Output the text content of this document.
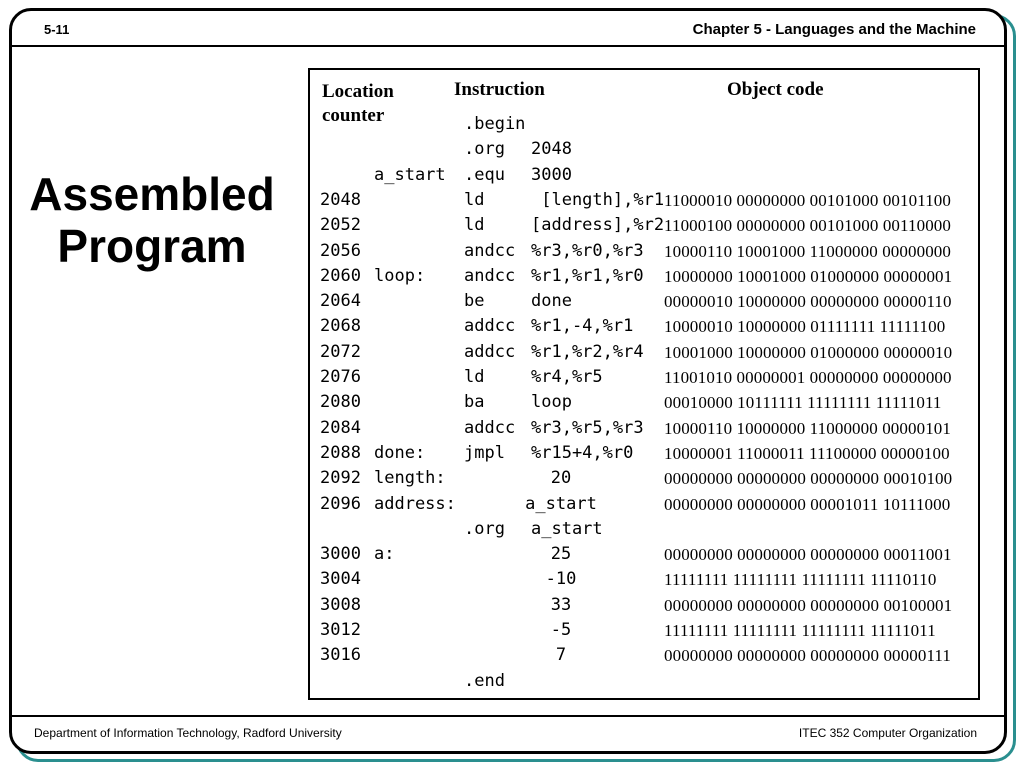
5-11	Chapter 5 - Languages and the Machine
Assembled
Program
Location counter
Instruction	Object code
.begin
.org 2048
a_start .equ 3000
2048	ld	[length],%r1 11000010 00000000 00101000 00101100
2052	ld	[address],%r2 11000100 00000000 00101000 00110000
2056	andcc %r3,%r0,%r3 10000110 10001000 11000000 00000000
2060 loop: andcc %r1,%r1,%r0 10000000 10001000 01000000 00000001
2064	be	done	00000010 10000000 00000000 00000110
2068	addcc %r1,-4,%r1 10000010 10000000 01111111 11111100
2072	addcc %r1,%r2,%r4 10001000 10000000 01000000 00000010
2076	ld	%r4,%r5	11001010 00000001 00000000 00000000
2080	ba	loop	00010000 10111111 11111111 11111011
2084	addcc %r3,%r5,%r3 10000110 10000000 11000000 00000101
2088 done: jmpl %r15+4,%r0 10000001 11000011 11100000 00000100
2092 length:	20	00000000 00000000 00000000 00010100
2096 address:	a_start	00000000 00000000 00001011 10111000
.org a_start
3000 a:	25	00000000 00000000 00000000 00011001
3004	-10	11111111 11111111 11111111 11110110
3008	33	00000000 00000000 00000000 00100001
3012	-5	11111111 11111111 11111111 11111011
3016	7	00000000 00000000 00000000 00000111
.end
Department of Information Technology, Radford University	ITEC 352 Computer Organization
